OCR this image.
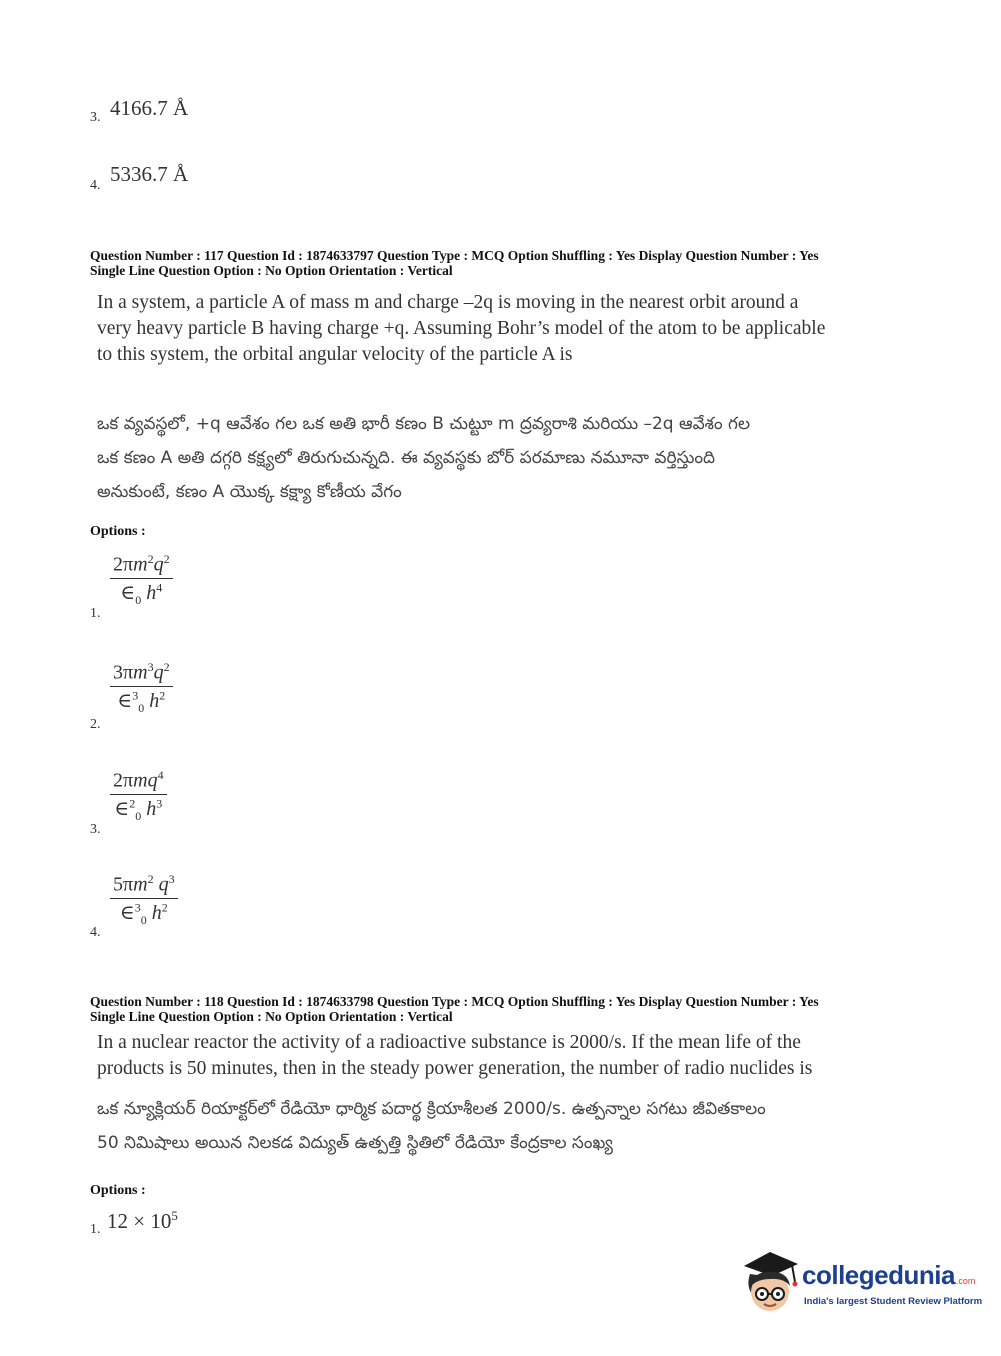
3. 4166.7 Å
4. 5336.7 Å
Question Number : 117 Question Id : 1874633797 Question Type : MCQ Option Shuffling : Yes Display Question Number : Yes
Single Line Question Option : No Option Orientation : Vertical
In a system, a particle A of mass m and charge –2q is moving in the nearest orbit around a
very heavy particle B having charge +q. Assuming Bohr’s model of the atom to be applicable
to this system, the orbital angular velocity of the particle A is
ఒక వ్యవస్థలో, +q ఆవేశం గల ఒక అతి భారీ కణం B చుట్టూ m ద్రవ్యరాశి మరియు –2q ఆవేశం గల
ఒక కణం A అతి దగ్గరి కక్ష్యలో తిరుగుచున్నది. ఈ వ్యవస్థకు బోర్ పరమాణు నమూనా వర్తిస్తుంది
అనుకుంటే, కణం A యొక్క కక్ష్యా కోణీయ వేగం
Options :
1.
$\frac{2\pi m^2q^2}{\in_0 h^4}$
2.
$\frac{3\pi m^3q^2}{\in^3_0 h^2}$
3.
2πmq$^4$
∈$^2_0$ $h^3$
4.
$\frac{5\pi m^2 q^3}{\in^3_0 h^2}$
Question Number : 118 Question Id : 1874633798 Question Type : MCQ Option Shuffling : Yes Display Question Number : Yes
Single Line Question Option : No Option Orientation : Vertical
In a nuclear reactor the activity of a radioactive substance is 2000/s. If the mean life of the
products is 50 minutes, then in the steady power generation, the number of radio nuclides is
ఒక న్యూక్లియర్ రియాక్టర్‌లో రేడియో ధార్మిక పదార్థ క్రియాశీలత 2000/s. ఉత్పన్నాల సగటు జీవితకాలం
50 నిమిషాలు అయిన నిలకడ విద్యుత్ ఉత్పత్తి స్థితిలో రేడియో కేంద్రకాల సంఖ్య
Options :
1. $12 \times 10^5$
collegedunia.com
India's largest Student Review Platform
